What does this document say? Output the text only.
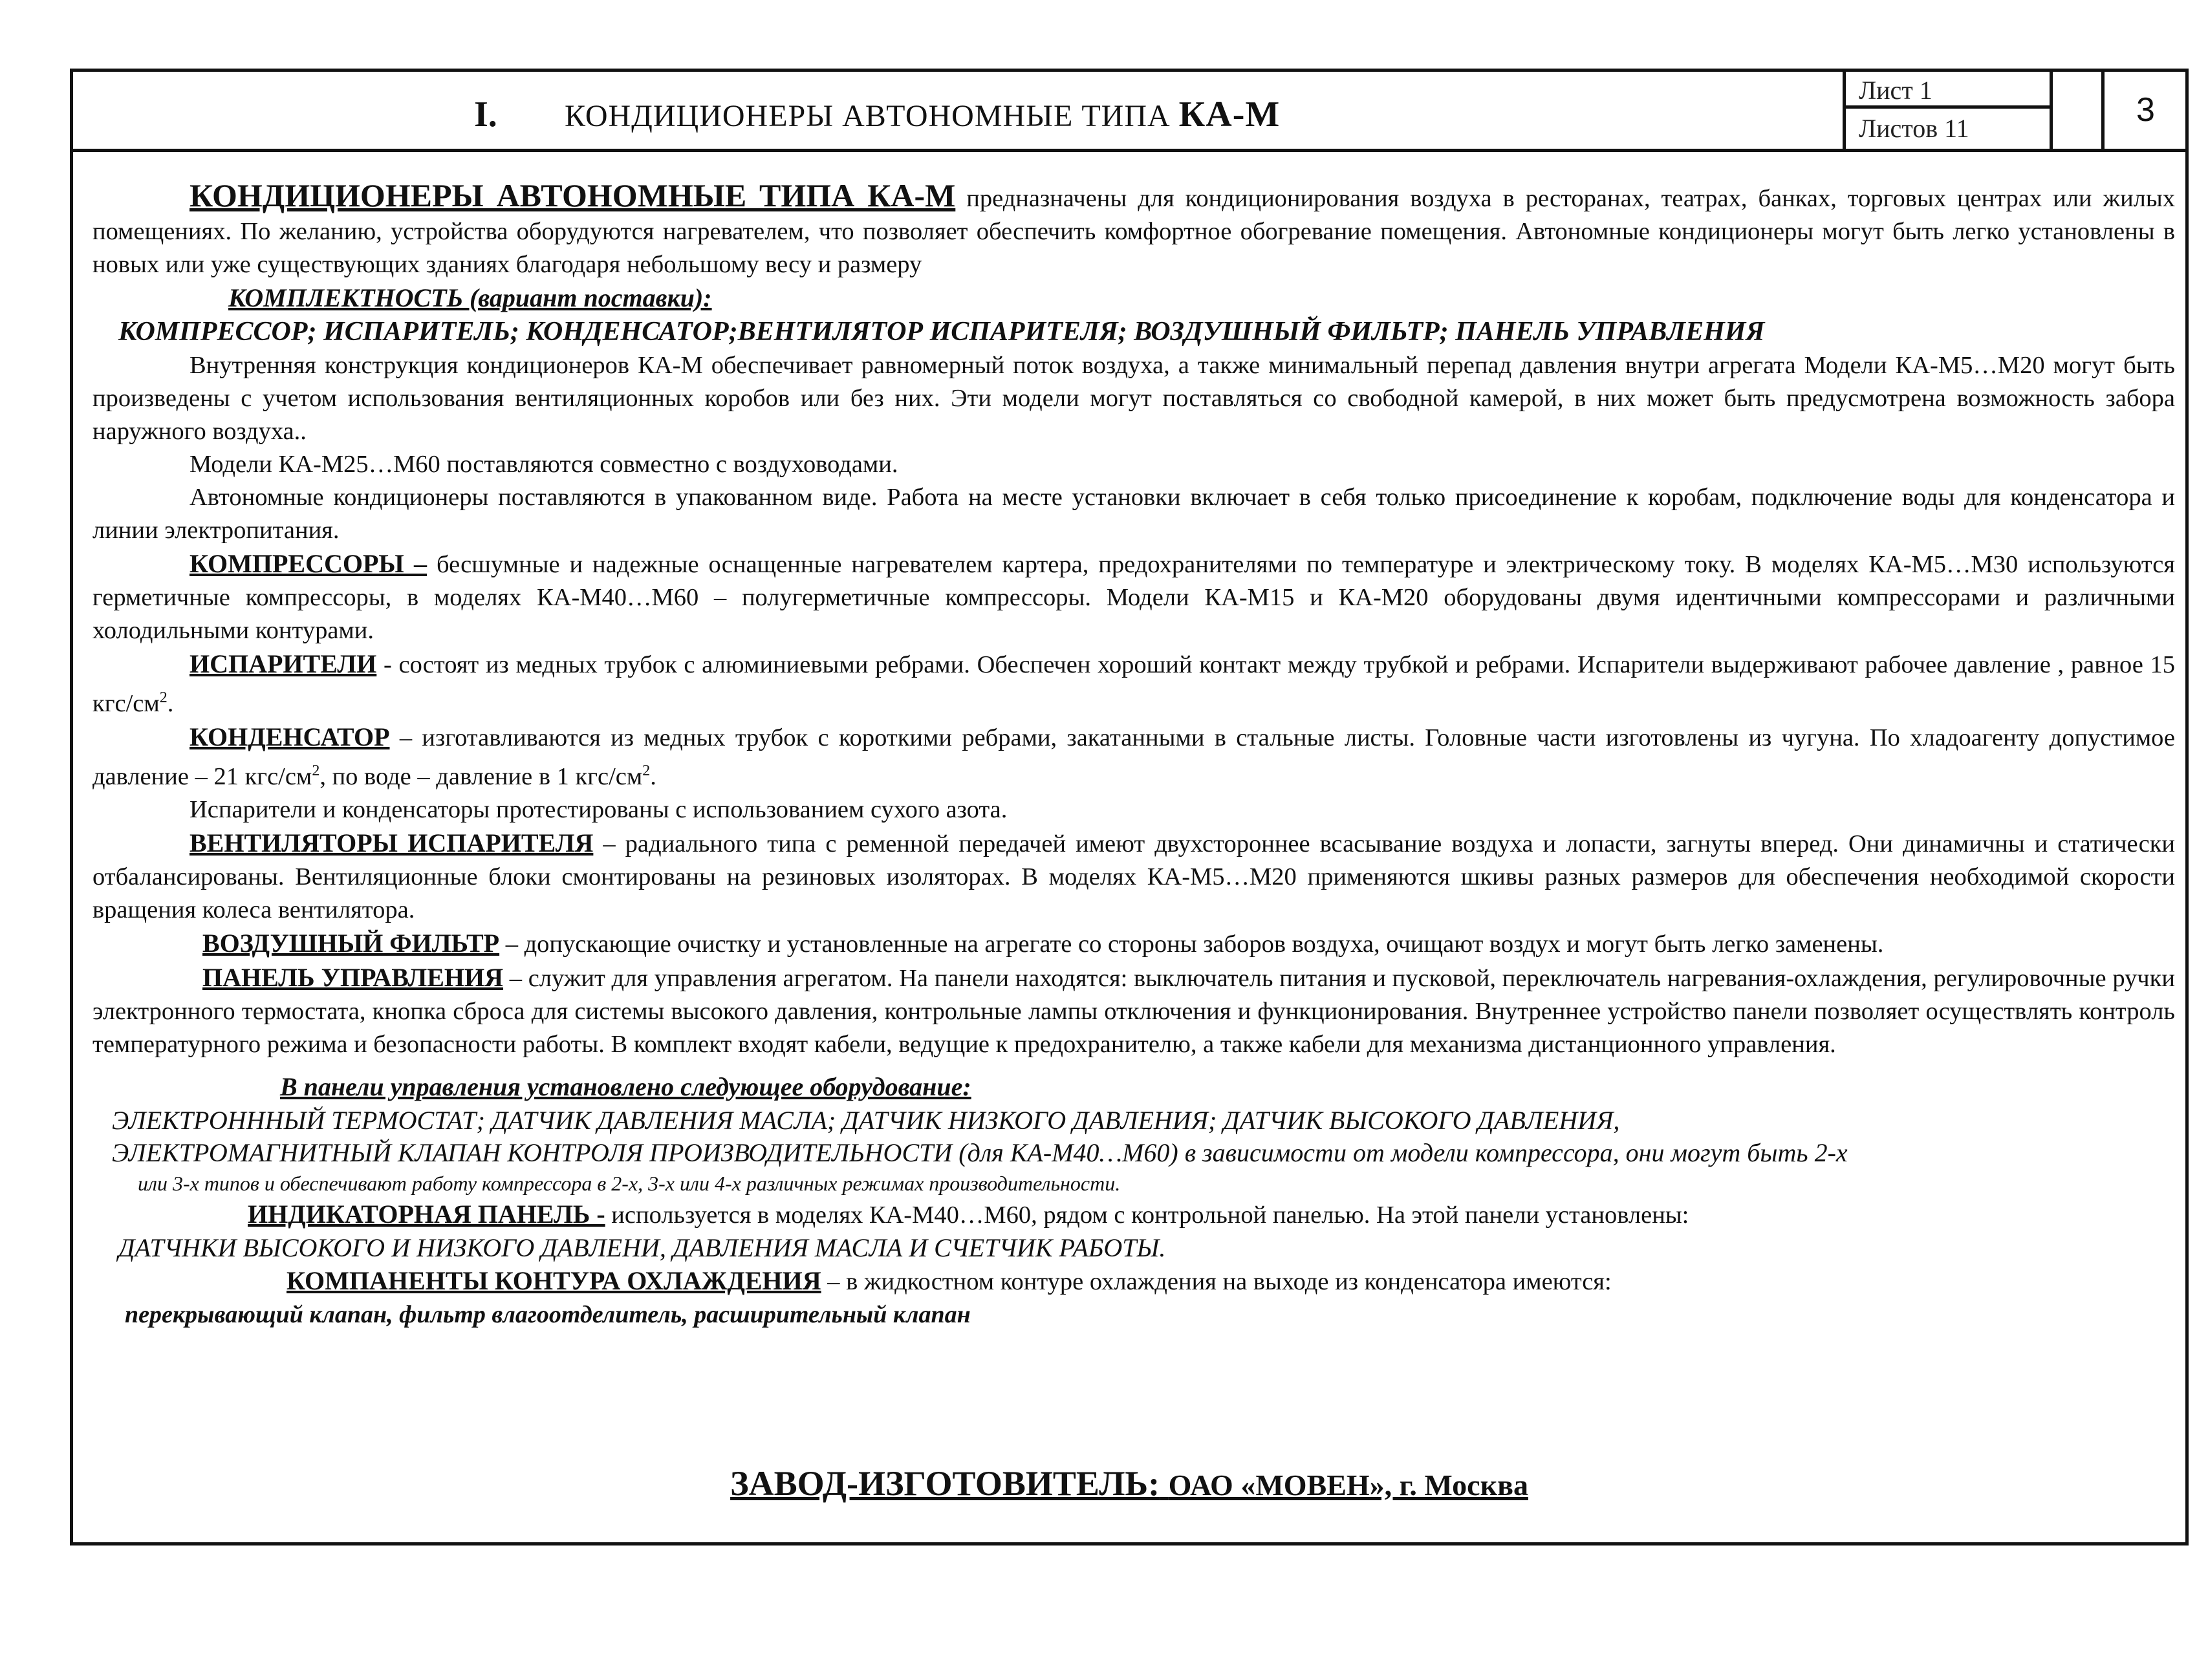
I. КОНДИЦИОНЕРЫ АВТОНОМНЫЕ ТИПА КА-М
Лист 1
Листов 11	3

КОНДИЦИОНЕРЫ АВТОНОМНЫЕ ТИПА КА-М предназначены для кондиционирования воздуха в ресторанах, театрах, банках, торговых центрах или жилых помещениях. По желанию, устройства оборудуются нагревателем, что позволяет обеспечить комфортное обогревание помещения. Автономные кондиционеры могут быть легко установлены в новых или уже существующих зданиях благодаря небольшому весу и размеру

КОМПЛЕКТНОСТЬ (вариант поставки):

КОМПРЕССОР; ИСПАРИТЕЛЬ; КОНДЕНСАТОР;ВЕНТИЛЯТОР ИСПАРИТЕЛЯ; ВОЗДУШНЫЙ ФИЛЬТР; ПАНЕЛЬ УПРАВЛЕНИЯ

Внутренняя конструкция кондиционеров КА-М обеспечивает равномерный поток воздуха, а также минимальный перепад давления внутри агрегата Модели КА-М5…М20 могут быть произведены с учетом использования вентиляционных коробов или без них. Эти модели могут поставляться со свободной камерой, в них может быть предусмотрена возможность забора наружного воздуха..

Модели КА-М25…М60 поставляются совместно с воздуховодами.

Автономные кондиционеры поставляются в упакованном виде. Работа на месте установки включает в себя только присоединение к коробам, подключение воды для конденсатора и линии электропитания.

КОМПРЕССОРЫ – бесшумные и надежные оснащенные нагревателем картера, предохранителями по температуре и электрическому току. В моделях КА-М5…М30 используются герметичные компрессоры, в моделях КА-М40…М60 – полугерметичные компрессоры. Модели КА-М15 и КА-М20 оборудованы двумя идентичными компрессорами и различными холодильными контурами.

ИСПАРИТЕЛИ - состоят из медных трубок с алюминиевыми ребрами. Обеспечен хороший контакт между трубкой и ребрами. Испарители выдерживают рабочее давление , равное 15 кгс/$см^2$.

КОНДЕНСАТОР – изготавливаются из медных трубок с короткими ребрами, закатанными в стальные листы. Головные части изготовлены из чугуна. По хладоагенту допустимое давление – 21 кгс/$см^2$, по воде – давление в 1 кгс/$см^2$.

Испарители и конденсаторы протестированы с использованием сухого азота.

ВЕНТИЛЯТОРЫ ИСПАРИТЕЛЯ – радиального типа с ременной передачей имеют двухстороннее всасывание воздуха и лопасти, загнуты вперед. Они динамичны и статически отбалансированы. Вентиляционные блоки смонтированы на резиновых изоляторах. В моделях КА-М5…М20 применяются шкивы разных размеров для обеспечения необходимой скорости вращения колеса вентилятора.

ВОЗДУШНЫЙ ФИЛЬТР – допускающие очистку и установленные на агрегате со стороны заборов воздуха, очищают воздух и могут быть легко заменены.

ПАНЕЛЬ УПРАВЛЕНИЯ – служит для управления агрегатом. На панели находятся: выключатель питания и пусковой, переключатель нагревания-охлаждения, регулировочные ручки электронного термостата, кнопка сброса для системы высокого давления, контрольные лампы отключения и функционирования. Внутреннее устройство панели позволяет осуществлять контроль температурного режима и безопасности работы. В комплект входят кабели, ведущие к предохранителю, а также кабели для механизма дистанционного управления.

В панели управления установлено следующее оборудование:

ЭЛЕКТРОНННЫЙ ТЕРМОСТАТ; ДАТЧИК ДАВЛЕНИЯ МАСЛА; ДАТЧИК НИЗКОГО ДАВЛЕНИЯ; ДАТЧИК ВЫСОКОГО ДАВЛЕНИЯ,

ЭЛЕКТРОМАГНИТНЫЙ КЛАПАН КОНТРОЛЯ ПРОИЗВОДИТЕЛЬНОСТИ (для КА-М40…М60) в зависимости от модели компрессора, они могут быть 2-х

или 3-х типов и обеспечивают работу компрессора в 2-х, 3-х или 4-х различных режимах производительности.

ИНДИКАТОРНАЯ ПАНЕЛЬ - используется в моделях КА-М40…М60, рядом с контрольной панелью. На этой панели установлены:

ДАТЧНКИ ВЫСОКОГО И НИЗКОГО ДАВЛЕНИ, ДАВЛЕНИЯ МАСЛА И СЧЕТЧИК РАБОТЫ.

КОМПАНЕНТЫ КОНТУРА ОХЛАЖДЕНИЯ – в жидкостном контуре охлаждения на выходе из конденсатора имеются:

перекрывающий клапан, фильтр влагоотделитель, расширительный клапан

ЗАВОД-ИЗГОТОВИТЕЛЬ: ОАО «МОВЕН», г. Москва
